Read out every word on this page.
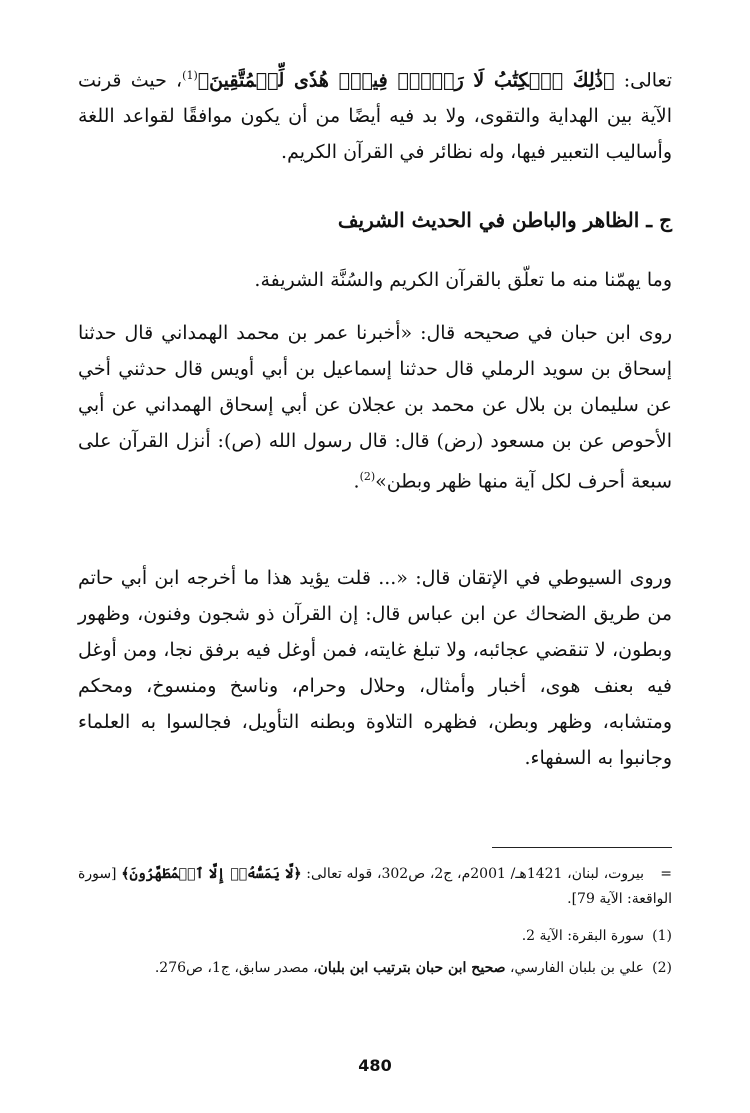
تعالى: ﴿ذَٰلِكَ ٱلۡكِتَٰبُ لَا رَيۡبَۛ فِيهِۛ هُدٗى لِّلۡمُتَّقِينَ﴾$^{(1)}$، حيث قرنت الآية بين الهداية والتقوى، ولا بد فيه أيضًا من أن يكون موافقًا لقواعد اللغة وأساليب التعبير فيها، وله نظائر في القرآن الكريم.

ج ـ الظاهر والباطن في الحديث الشريف

وما يهمّنا منه ما تعلّق بالقرآن الكريم والسُنَّة الشريفة.

روى ابن حبان في صحيحه قال: «أخبرنا عمر بن محمد الهمداني قال حدثنا إسحاق بن سويد الرملي قال حدثنا إسماعيل بن أبي أويس قال حدثني أخي عن سليمان بن بلال عن محمد بن عجلان عن أبي إسحاق الهمداني عن أبي الأحوص عن بن مسعود (رض) قال: قال رسول الله (ص): أنزل القرآن على سبعة أحرف لكل آية منها ظهر وبطن»$^{(2)}$.

وروى السيوطي في الإتقان قال: «... قلت يؤيد هذا ما أخرجه ابن أبي حاتم من طريق الضحاك عن ابن عباس قال: إن القرآن ذو شجون وفنون، وظهور وبطون، لا تنقضي عجائبه، ولا تبلغ غايته، فمن أوغل فيه برفق نجا، ومن أوغل فيه بعنف هوى، أخبار وأمثال، وحلال وحرام، وناسخ ومنسوخ، ومحكم ومتشابه، وظهر وبطن، فظهره التلاوة وبطنه التأويل، فجالسوا به العلماء وجانبوا به السفهاء.

=بيروت، لبنان، 1421هـ/ 2001م، ج2، ص302، قوله تعالى: ﴿لَّا يَمَسُّهُۥٓ إِلَّا ٱلۡمُطَهَّرُونَ﴾ [سورة الواقعة: الآية 79].

(1)سورة البقرة: الآية 2.

(2)علي بن بلبان الفارسي، صحيح ابن حبان بترتيب ابن بلبان، مصدر سابق، ج1، ص276.

480
